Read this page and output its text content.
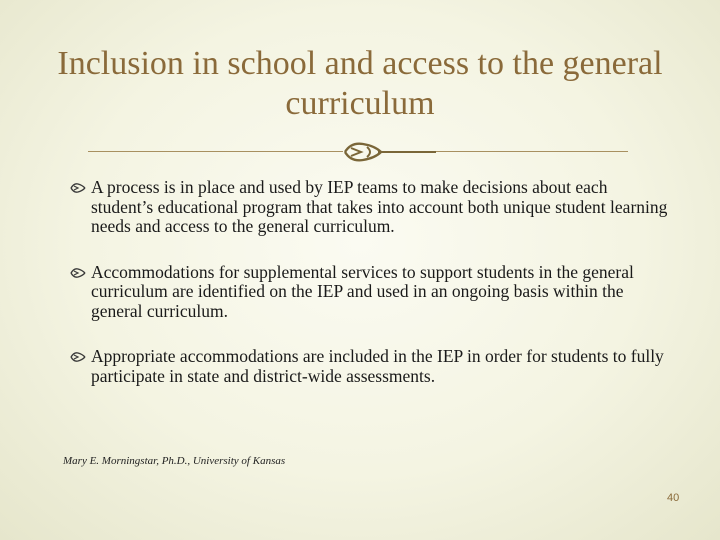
Inclusion in school and access to the general curriculum
A process is in place and used by IEP teams to make decisions about each student’s educational program that takes into account both unique student learning needs and access to the general curriculum.
Accommodations for supplemental services to support students in the general curriculum are identified on the IEP and used in an ongoing basis within the general curriculum.
Appropriate accommodations are included in the IEP in order for students to fully participate in state and district-wide assessments.
Mary E. Morningstar, Ph.D., University of Kansas
40
